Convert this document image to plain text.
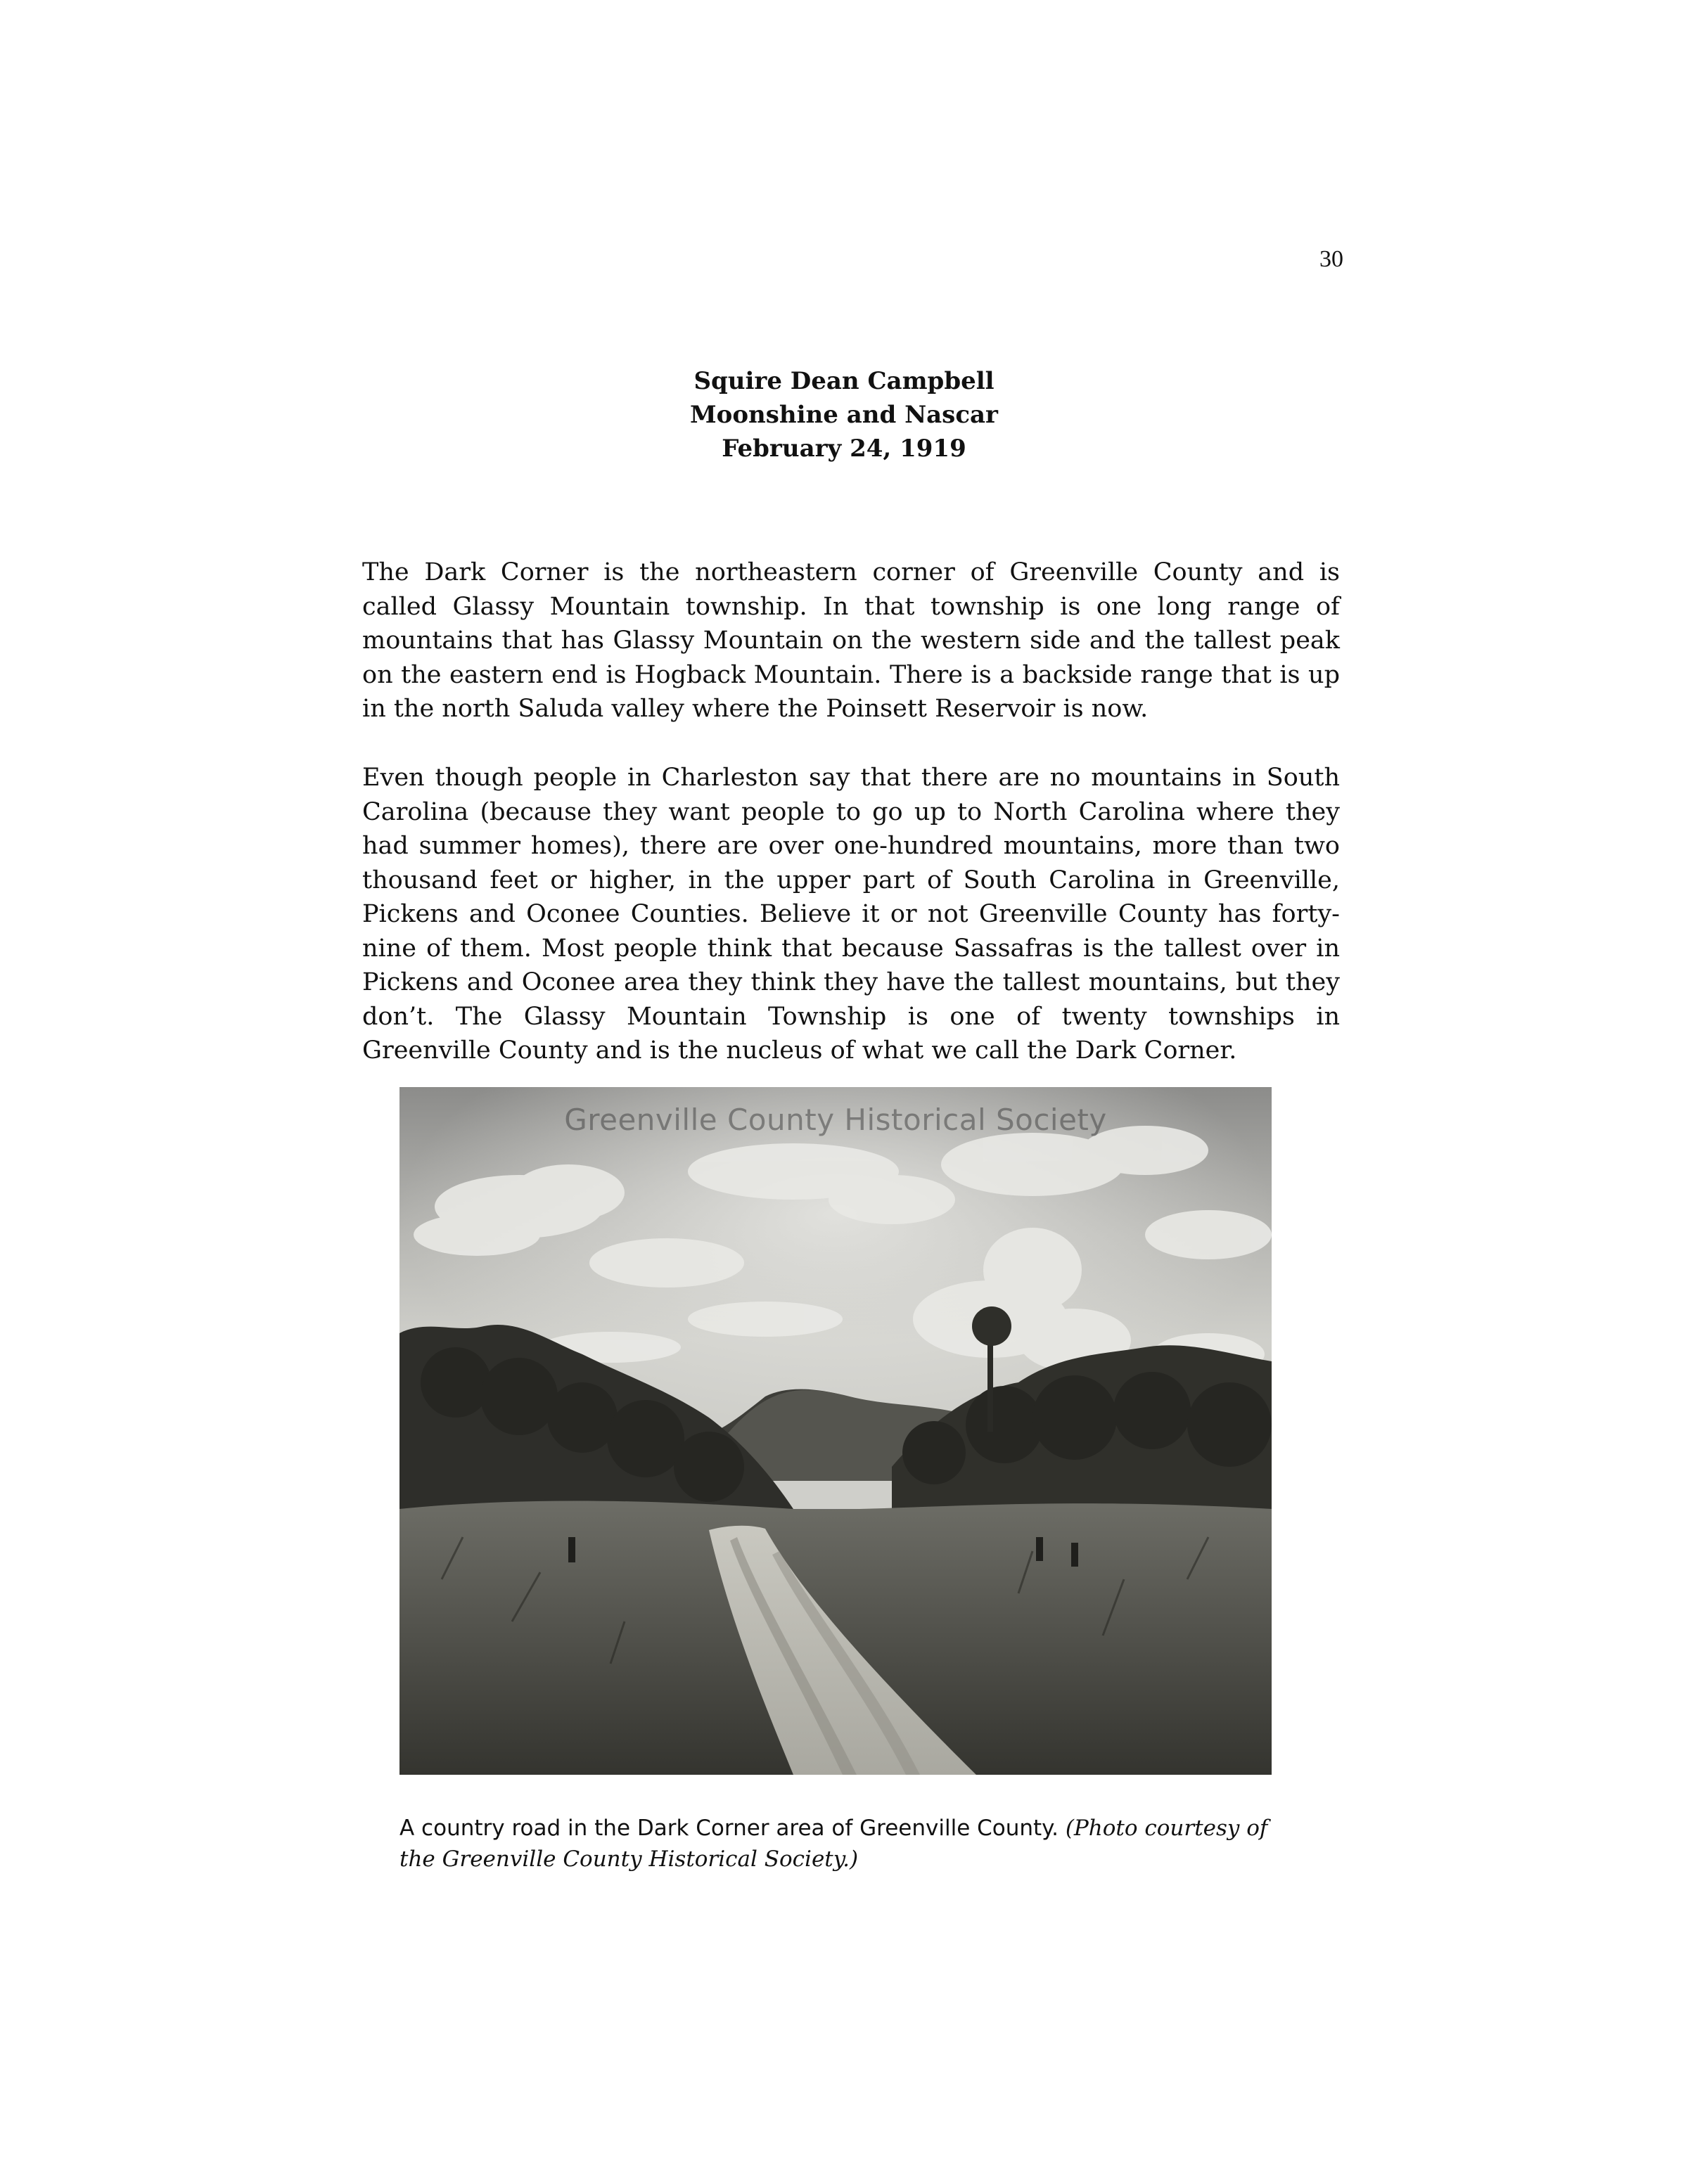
30
Squire Dean Campbell
Moonshine and Nascar
February 24, 1919

The Dark Corner is the northeastern corner of Greenville County and is called Glassy Mountain township. In that township is one long range of mountains that has Glassy Mountain on the western side and the tallest peak on the eastern end is Hogback Mountain. There is a backside range that is up in the north Saluda valley where the Poinsett Reservoir is now.

Even though people in Charleston say that there are no mountains in South Carolina (because they want people to go up to North Carolina where they had summer homes), there are over one-hundred mountains, more than two thousand feet or higher, in the upper part of South Carolina in Greenville, Pickens and Oconee Counties. Believe it or not Greenville County has forty-nine of them. Most people think that because Sassafras is the tallest over in Pickens and Oconee area they think they have the tallest mountains, but they don’t. The Glassy Mountain Township is one of twenty townships in Greenville County and is the nucleus of what we call the Dark Corner.

Greenville County Historical Society
A country road in the Dark Corner area of Greenville County. (Photo courtesy of the Greenville County Historical Society.)
